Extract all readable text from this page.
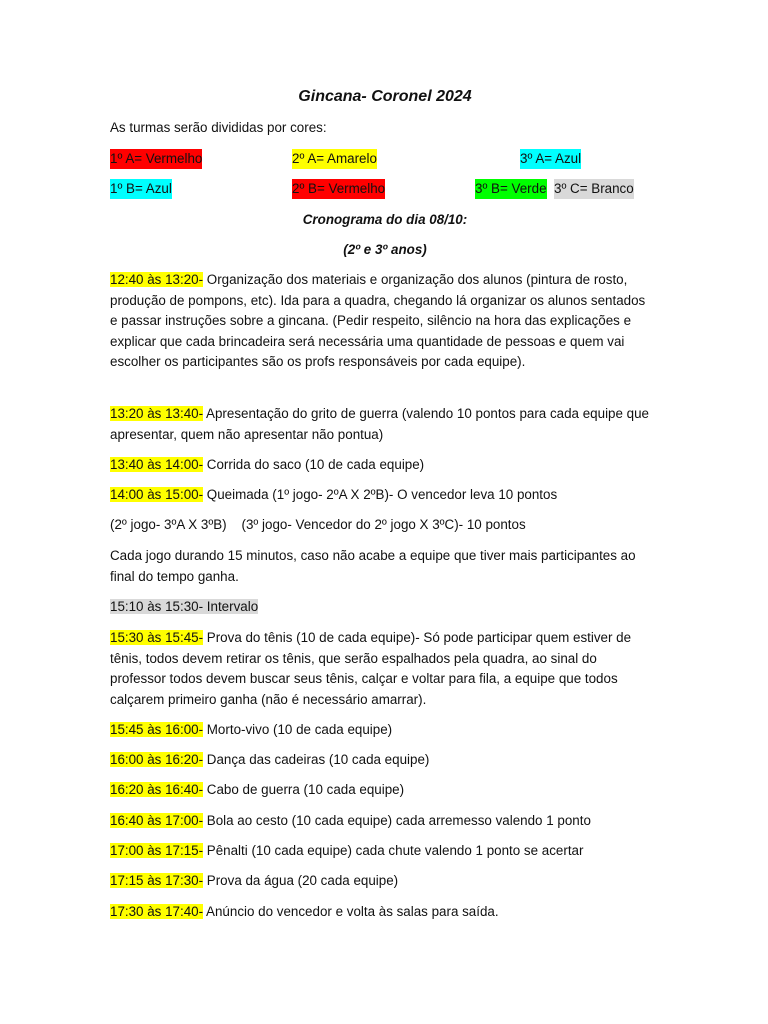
Gincana- Coronel 2024
As turmas serão divididas por cores:
1º A= Vermelho	2º A= Amarelo	3º A= Azul
1º B= Azul	2º B= Vermelho	3º B= Verde 3º C= Branco
Cronograma do dia 08/10:
(2º e 3º anos)
12:40 às 13:20- Organização dos materiais e organização dos alunos (pintura de rosto, produção de pompons, etc). Ida para a quadra, chegando lá organizar os alunos sentados e passar instruções sobre a gincana. (Pedir respeito, silêncio na hora das explicações e explicar que cada brincadeira será necessária uma quantidade de pessoas e quem vai escolher os participantes são os profs responsáveis por cada equipe).
13:20 às 13:40- Apresentação do grito de guerra (valendo 10 pontos para cada equipe que apresentar, quem não apresentar não pontua)
13:40 às 14:00- Corrida do saco (10 de cada equipe)
14:00 às 15:00- Queimada (1º jogo- 2ºA X 2ºB)- O vencedor leva 10 pontos
(2º jogo- 3ºA X 3ºB)    (3º jogo- Vencedor do 2º jogo X 3ºC)- 10 pontos
Cada jogo durando 15 minutos, caso não acabe a equipe que tiver mais participantes ao final do tempo ganha.
15:10 às 15:30- Intervalo
15:30 às 15:45- Prova do tênis (10 de cada equipe)- Só pode participar quem estiver de tênis, todos devem retirar os tênis, que serão espalhados pela quadra, ao sinal do professor todos devem buscar seus tênis, calçar e voltar para fila, a equipe que todos calçarem primeiro ganha (não é necessário amarrar).
15:45 às 16:00- Morto-vivo (10 de cada equipe)
16:00 às 16:20- Dança das cadeiras (10 cada equipe)
16:20 às 16:40- Cabo de guerra (10 cada equipe)
16:40 às 17:00- Bola ao cesto (10 cada equipe) cada arremesso valendo 1 ponto
17:00 às 17:15- Pênalti (10 cada equipe) cada chute valendo 1 ponto se acertar
17:15 às 17:30- Prova da água (20 cada equipe)
17:30 às 17:40- Anúncio do vencedor e volta às salas para saída.
